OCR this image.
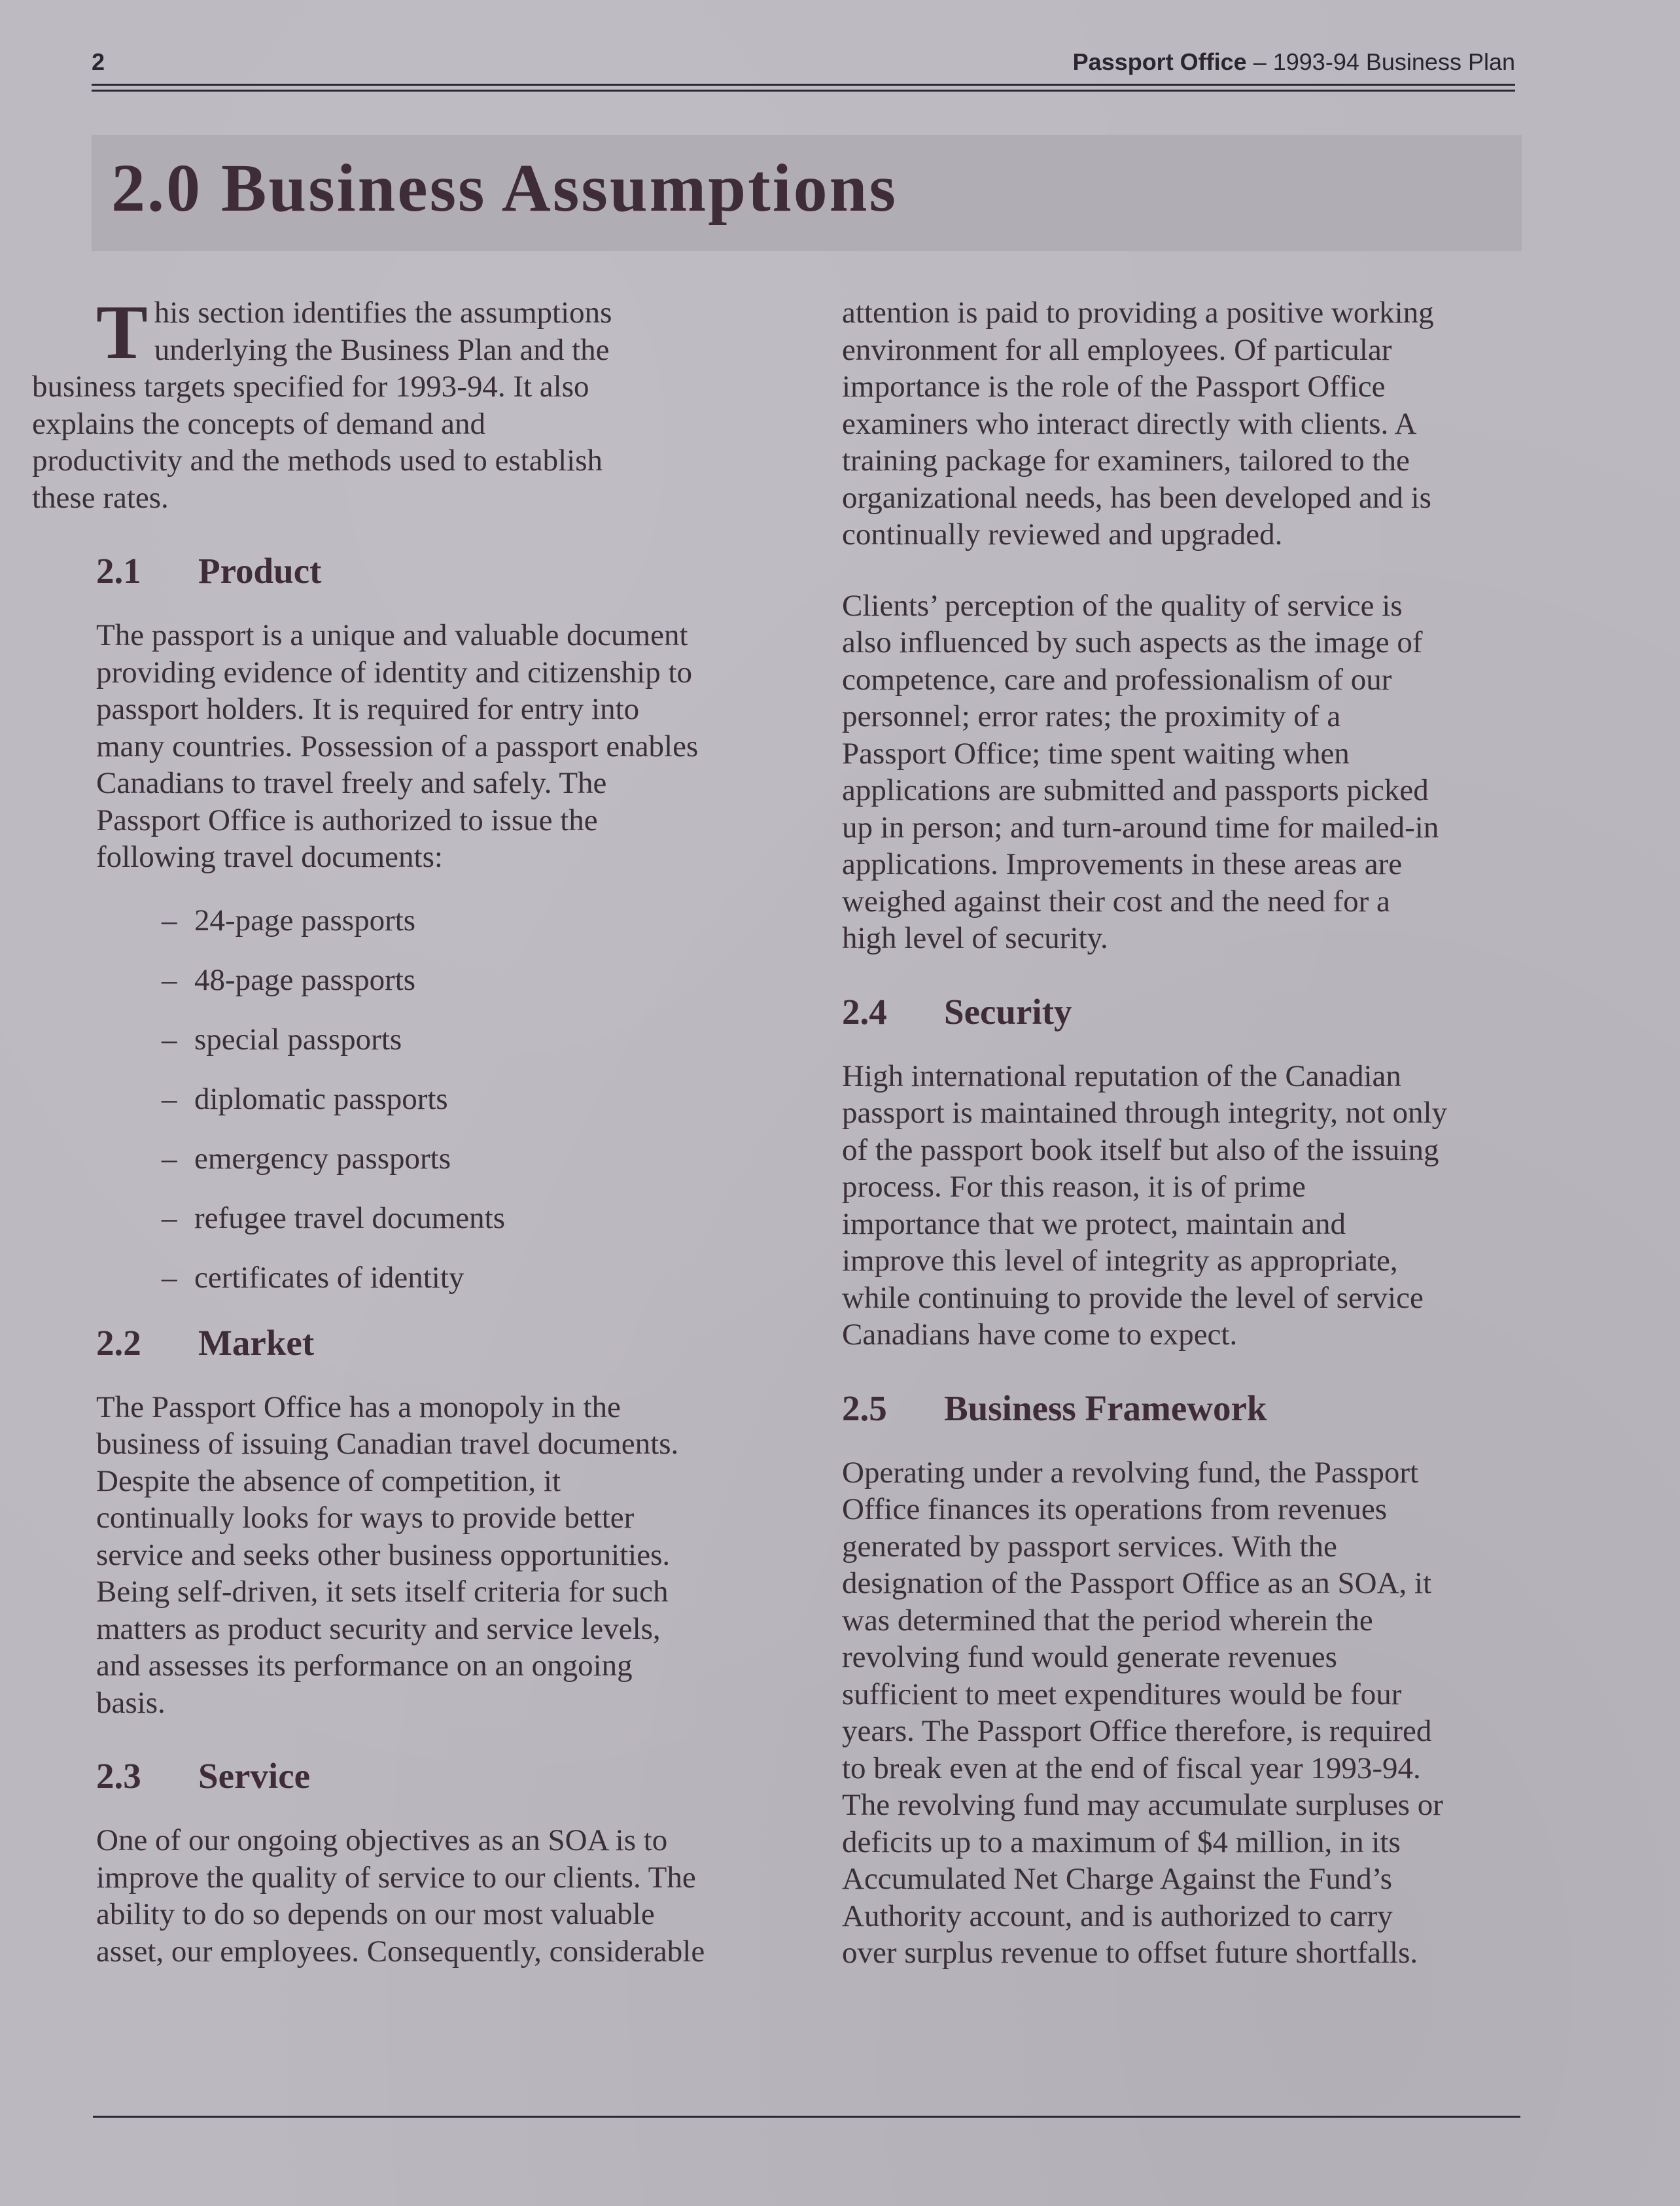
2	Passport Office – 1993-94 Business Plan
2.0 Business Assumptions
T his section identifies the assumptions
underlying the Business Plan and the
business targets specified for 1993-94. It also
explains the concepts of demand and
productivity and the methods used to establish
these rates.
2.1 Product

The passport is a unique and valuable document
providing evidence of identity and citizenship to
passport holders. It is required for entry into
many countries. Possession of a passport enables
Canadians to travel freely and safely. The
Passport Office is authorized to issue the
following travel documents:

– 24-page passports
– 48-page passports
– special passports
– diplomatic passports
– emergency passports
– refugee travel documents
– certificates of identity
2.2 Market

The Passport Office has a monopoly in the
business of issuing Canadian travel documents.
Despite the absence of competition, it
continually looks for ways to provide better
service and seeks other business opportunities.
Being self-driven, it sets itself criteria for such
matters as product security and service levels,
and assesses its performance on an ongoing
basis.

2.3 Service

One of our ongoing objectives as an SOA is to
improve the quality of service to our clients. The
ability to do so depends on our most valuable
asset, our employees. Consequently, considerable

attention is paid to providing a positive working
environment for all employees. Of particular
importance is the role of the Passport Office
examiners who interact directly with clients. A
training package for examiners, tailored to the
organizational needs, has been developed and is
continually reviewed and upgraded.

Clients’ perception of the quality of service is
also influenced by such aspects as the image of
competence, care and professionalism of our
personnel; error rates; the proximity of a
Passport Office; time spent waiting when
applications are submitted and passports picked
up in person; and turn-around time for mailed-in
applications. Improvements in these areas are
weighed against their cost and the need for a
high level of security.

2.4 Security

High international reputation of the Canadian
passport is maintained through integrity, not only
of the passport book itself but also of the issuing
process. For this reason, it is of prime
importance that we protect, maintain and
improve this level of integrity as appropriate,
while continuing to provide the level of service
Canadians have come to expect.

2.5 Business Framework

Operating under a revolving fund, the Passport
Office finances its operations from revenues
generated by passport services. With the
designation of the Passport Office as an SOA, it
was determined that the period wherein the
revolving fund would generate revenues
sufficient to meet expenditures would be four
years. The Passport Office therefore, is required
to break even at the end of fiscal year 1993-94.
The revolving fund may accumulate surpluses or
deficits up to a maximum of $4 million, in its
Accumulated Net Charge Against the Fund’s
Authority account, and is authorized to carry
over surplus revenue to offset future shortfalls.
